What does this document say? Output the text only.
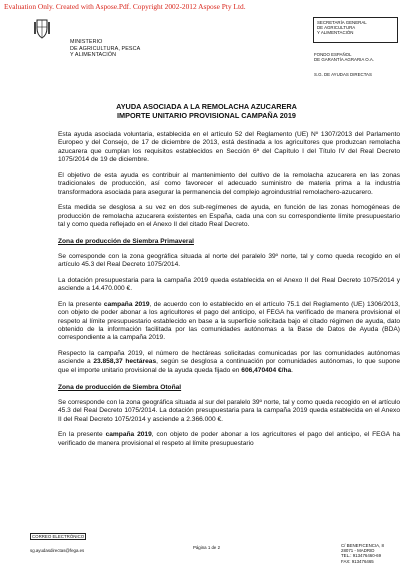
Evaluation Only. Created with Aspose.Pdf. Copyright 2002-2012 Aspose Pty Ltd.
MINISTERIO
DE AGRICULTURA, PESCA
Y ALIMENTACIÓN
SECRETARÍA GENERAL
DE AGRICULTURA
Y ALIMENTACIÓN
FONDO ESPAÑOL
DE GARANTÍA AGRARIA O.A.
S.G. DE AYUDAS DIRECTAS
AYUDA ASOCIADA A LA REMOLACHA AZUCARERA
IMPORTE UNITARIO PROVISIONAL CAMPAÑA 2019

Esta ayuda asociada voluntaria, establecida en el artículo 52 del Reglamento (UE) Nº 1307/2013 del Parlamento Europeo y del Consejo, de 17 de diciembre de 2013, está destinada a los agricultores que produzcan remolacha azucarera que cumplan los requisitos establecidos en Sección 6ª del Capítulo I del Título IV del Real Decreto 1075/2014 de 19 de diciembre.

El objetivo de esta ayuda es contribuir al mantenimiento del cultivo de la remolacha azucarera en las zonas tradicionales de producción, así como favorecer el adecuado suministro de materia prima a la industria transformadora asociada para asegurar la permanencia del complejo agroindustrial remolachero-azucarero.

Esta medida se desglosa a su vez en dos sub-regímenes de ayuda, en función de las zonas homogéneas de producción de remolacha azucarera existentes en España, cada una con su correspondiente límite presupuestario tal y como queda reflejado en el Anexo II del citado Real Decreto.

Zona de producción de Siembra Primaveral

Se corresponde con la zona geográfica situada al norte del paralelo 39º norte, tal y como queda recogido en el artículo 45.3 del Real Decreto 1075/2014.

La dotación presupuestaria para la campaña 2019 queda establecida en el Anexo II del Real Decreto 1075/2014 y asciende a 14.470.000 €.

En la presente campaña 2019, de acuerdo con lo establecido en el artículo 75.1 del Reglamento (UE) 1306/2013, con objeto de poder abonar a los agricultores el pago del anticipo, el FEGA ha verificado de manera provisional el respeto al límite presupuestario establecido en base a la superficie solicitada bajo el citado régimen de ayuda, dato obtenido de la información facilitada por las comunidades autónomas a la Base de Datos de Ayuda (BDA) correspondiente a la campaña 2019.

Respecto la campaña 2019, el número de hectáreas solicitadas comunicadas por las comunidades autónomas asciende a 23.858,37 hectáreas, según se desglosa a continuación por comunidades autónomas, lo que supone que el importe unitario provisional de la ayuda queda fijado en 606,470404 €/ha.

Zona de producción de Siembra Otoñal

Se corresponde con la zona geográfica situada al sur del paralelo 39º norte, tal y como queda recogido en el artículo 45.3 del Real Decreto 1075/2014. La dotación presupuestaria para la campaña 2019 queda establecida en el Anexo II del Real Decreto 1075/2014 y asciende a 2.366.000 €.

En la presente campaña 2019, con objeto de poder abonar a los agricultores el pago del anticipo, el FEGA ha verificado de manera provisional el respeto al límite presupuestario

CORREO ELECTRÓNICO
sg.ayudasdirectas@fega.es
Página 1 de 2	C/ BENEFICENCIA, 8
28071 - MADRID
TEL.: 913476460-69
FAX: 913476465
